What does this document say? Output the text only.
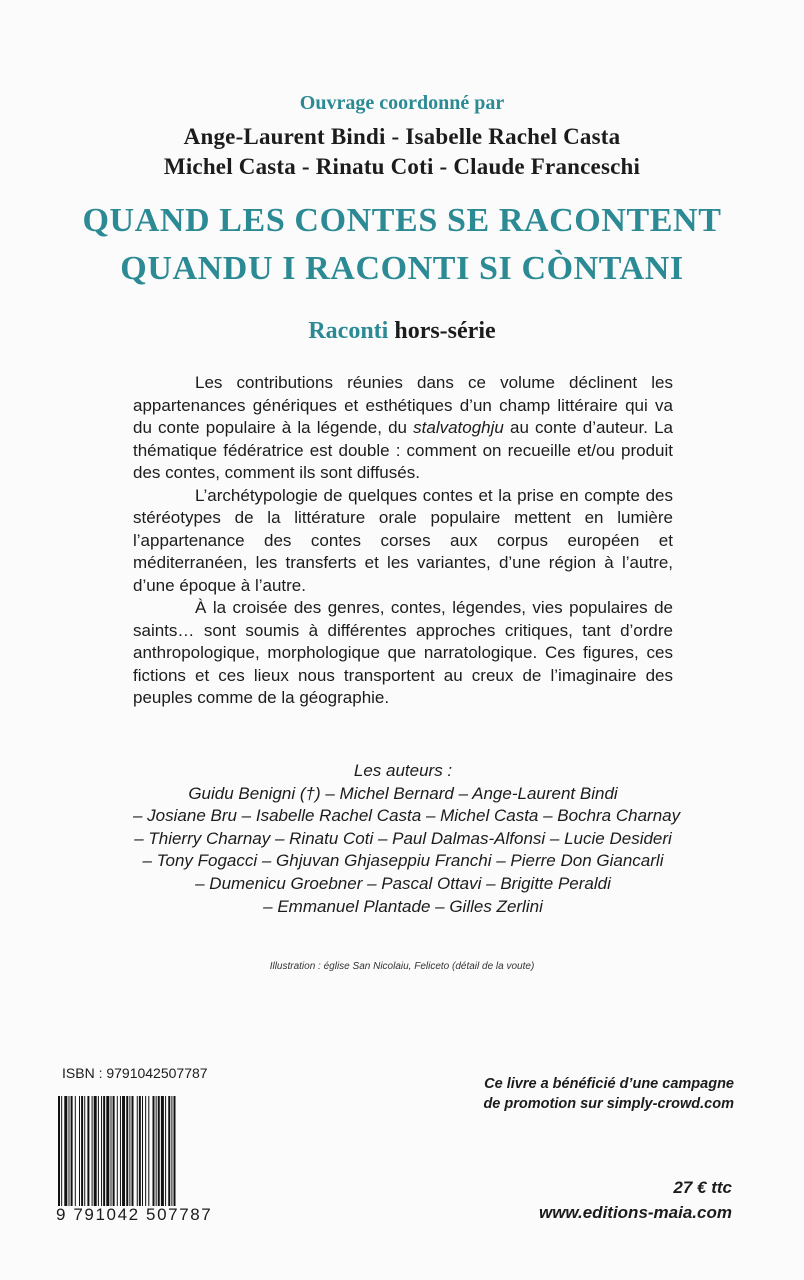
Ouvrage coordonné par
Ange-Laurent Bindi - Isabelle Rachel Casta
Michel Casta - Rinatu Coti - Claude Franceschi
QUAND LES CONTES SE RACONTENT
QUANDU I RACONTI SI CÒNTANI
Raconti hors-série

Les contributions réunies dans ce volume déclinent les appartenances génériques et esthétiques d’un champ littéraire qui va du conte populaire à la légende, du stalvatoghju au conte d’auteur. La thématique fédératrice est double : comment on recueille et/ou produit des contes, comment ils sont diffusés.

L’archétypologie de quelques contes et la prise en compte des stéréotypes de la littérature orale populaire mettent en lumière l’appartenance des contes corses aux corpus européen et méditerranéen, les transferts et les variantes, d’une région à l’autre, d’une époque à l’autre.

À la croisée des genres, contes, légendes, vies populaires de saints… sont soumis à différentes approches critiques, tant d’ordre anthropologique, morphologique que narratologique. Ces figures, ces fictions et ces lieux nous transportent au creux de l’imaginaire des peuples comme de la géographie.

Les auteurs :
Guidu Benigni (†) – Michel Bernard – Ange-Laurent Bindi
– Josiane Bru – Isabelle Rachel Casta – Michel Casta – Bochra Charnay
– Thierry Charnay – Rinatu Coti – Paul Dalmas-Alfonsi – Lucie Desideri
– Tony Fogacci – Ghjuvan Ghjaseppiu Franchi – Pierre Don Giancarli
– Dumenicu Groebner – Pascal Ottavi – Brigitte Peraldi
– Emmanuel Plantade – Gilles Zerlini
Illustration : église San Nicolaiu, Feliceto (détail de la voute)
ISBN : 9791042507787
9 791042 507787
Ce livre a bénéficié d’une campagne
de promotion sur simply-crowd.com
27 € ttc
www.editions-maia.com
